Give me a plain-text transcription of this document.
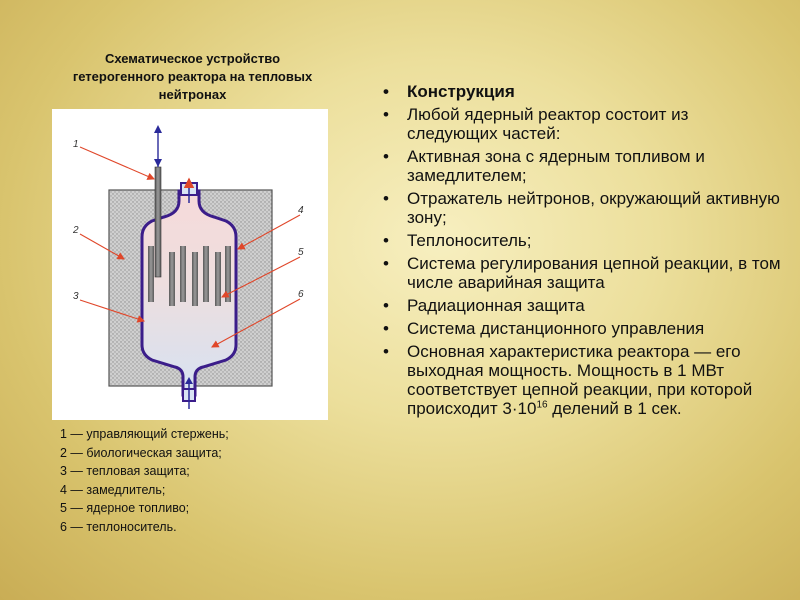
Схематическое устройство гетерогенного реактора на тепловых нейтронах
1
2
3
4
5
6
1 — управляющий стержень;
2 — биологическая защита;
3 — тепловая защита;
4 — замедлитель;
5 — ядерное топливо;
6 — теплоноситель.
• Конструкция
• Любой ядерный реактор состоит из следующих частей:
• Активная зона с ядерным топливом и замедлителем;
• Отражатель нейтронов, окружающий активную зону;
• Теплоноситель;
• Система регулирования цепной реакции, в том числе аварийная защита
• Радиационная защита
• Система дистанционного управления
• Основная характеристика реактора — его выходная мощность. Мощность в 1 МВт соответствует цепной реакции, при которой происходит $3\cdot 10^{16}$ делений в 1 сек.
